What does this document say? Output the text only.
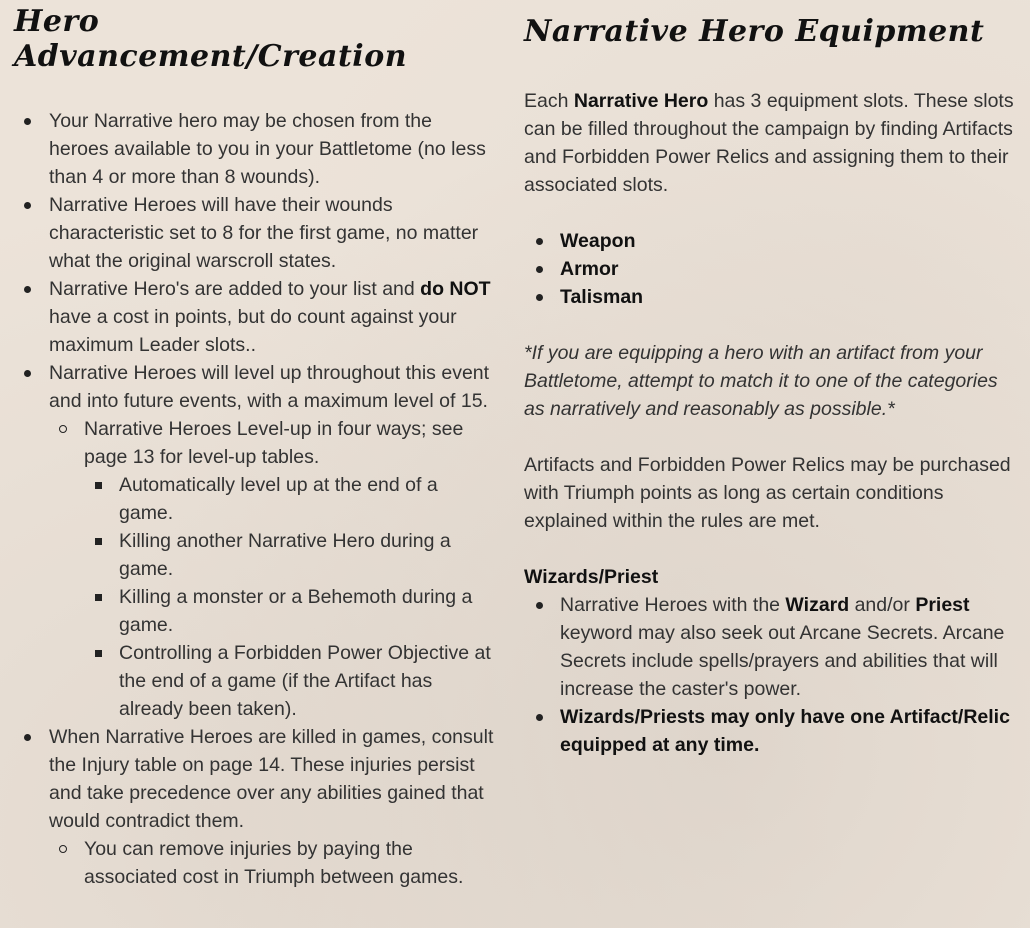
Hero Advancement/Creation
Your Narrative hero may be chosen from the heroes available to you in your Battletome (no less than 4 or more than 8 wounds).
Narrative Heroes will have their wounds characteristic set to 8 for the first game, no matter what the original warscroll states.
Narrative Hero's are added to your list and do NOT have a cost in points, but do count against your maximum Leader slots..
Narrative Heroes will level up throughout this event and into future events, with a maximum level of 15.
Narrative Heroes Level-up in four ways; see page 13 for level-up tables.
Automatically level up at the end of a game.
Killing another Narrative Hero during a game.
Killing a monster or a Behemoth during a game.
Controlling a Forbidden Power Objective at the end of a game (if the Artifact has already been taken).
When Narrative Heroes are killed in games, consult the Injury table on page 14. These injuries persist and take precedence over any abilities gained that would contradict them.
You can remove injuries by paying the associated cost in Triumph between games.
Narrative Hero Equipment

Each Narrative Hero has 3 equipment slots. These slots can be filled throughout the campaign by finding Artifacts and Forbidden Power Relics and assigning them to their associated slots.

Weapon
Armor
Talisman

*If you are equipping a hero with an artifact from your Battletome, attempt to match it to one of the categories as narratively and reasonably as possible.*

Artifacts and Forbidden Power Relics may be purchased with Triumph points as long as certain conditions explained within the rules are met.

Wizards/Priest

Narrative Heroes with the Wizard and/or Priest keyword may also seek out Arcane Secrets. Arcane Secrets include spells/prayers and abilities that will increase the caster's power.
Wizards/Priests may only have one Artifact/Relic equipped at any time.
